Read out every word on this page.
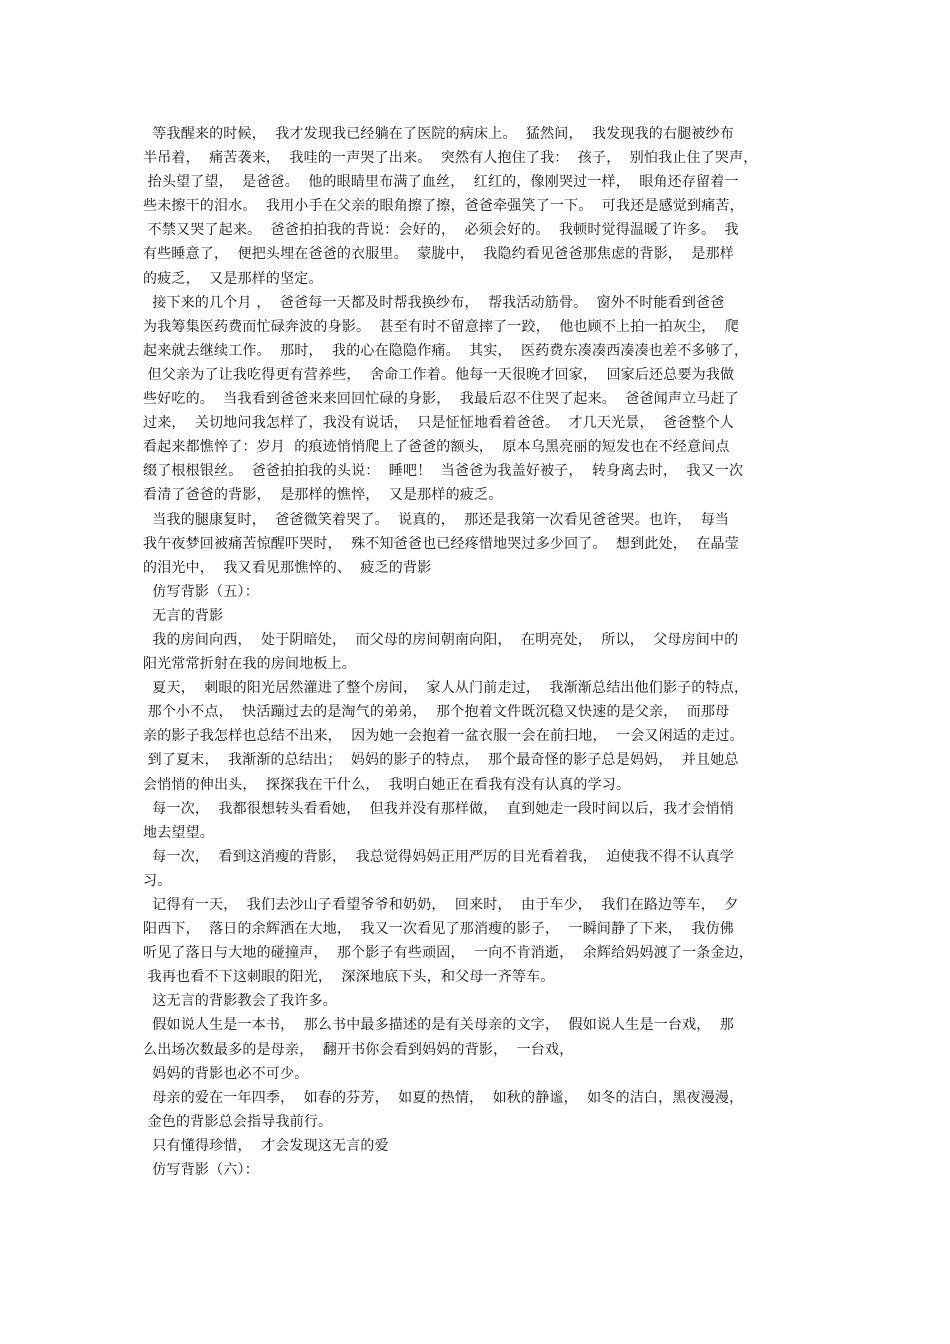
等我醒来的时候，  我才发现我已经躺在了医院的病床上。  猛然间，  我发现我的右腿被纱布
半吊着，  痛苦袭来，  我哇的一声哭了出来。  突然有人抱住了我：  孩子，  别怕我止住了哭声，
抬头望了望，  是爸爸。  他的眼睛里布满了血丝，  红红的，像刚哭过一样，  眼角还存留着一
些未擦干的泪水。  我用小手在父亲的眼角擦了擦，爸爸牵强笑了一下。  可我还是感觉到痛苦，
不禁又哭了起来。  爸爸拍拍我的背说：会好的，  必须会好的。  我顿时觉得温暖了许多。  我
有些睡意了，  便把头埋在爸爸的衣服里。  蒙胧中，  我隐约看见爸爸那焦虑的背影，  是那样
的疲乏，  又是那样的坚定。
接下来的几个月 ，  爸爸每一天都及时帮我换纱布，  帮我活动筋骨。  窗外不时能看到爸爸
为我筹集医药费而忙碌奔波的身影。  甚至有时不留意摔了一跤，  他也顾不上拍一拍灰尘，  爬
起来就去继续工作。  那时，  我的心在隐隐作痛。  其实，  医药费东凑凑西凑凑也差不多够了，
但父亲为了让我吃得更有营养些，  舍命工作着。他每一天很晚才回家，  回家后还总要为我做
些好吃的。  当我看到爸爸来来回回忙碌的身影，  我最后忍不住哭了起来。  爸爸闻声立马赶了
过来，  关切地问我怎样了，我没有说话，  只是怔怔地看着爸爸。  才几天光景，  爸爸整个人
看起来都憔悴了：岁月  的痕迹悄悄爬上了爸爸的额头，  原本乌黑亮丽的短发也在不经意间点
缀了根根银丝。  爸爸拍拍我的头说：  睡吧！  当爸爸为我盖好被子，  转身离去时，  我又一次
看清了爸爸的背影，  是那样的憔悴，  又是那样的疲乏。
当我的腿康复时，  爸爸微笑着哭了。  说真的，  那还是我第一次看见爸爸哭。也许，  每当
我午夜梦回被痛苦惊醒吓哭时，  殊不知爸爸也已经疼惜地哭过多少回了。  想到此处，  在晶莹
的泪光中，  我又看见那憔悴的、  疲乏的背影
仿写背影（五）：
无言的背影
我的房间向西，  处于阴暗处，  而父母的房间朝南向阳，  在明亮处，  所以，  父母房间中的
阳光常常折射在我的房间地板上。
夏天，  刺眼的阳光居然灌进了整个房间，  家人从门前走过，  我渐渐总结出他们影子的特点，
那个小不点，  快活蹦过去的是淘气的弟弟，  那个抱着文件既沉稳又快速的是父亲，  而那母
亲的影子我怎样也总结不出来，  因为她一会抱着一盆衣服一会在前扫地，  一会又闲适的走过。
到了夏末，  我渐渐的总结出；  妈妈的影子的特点，  那个最奇怪的影子总是妈妈，  并且她总
会悄悄的伸出头，  探探我在干什么，  我明白她正在看我有没有认真的学习。
每一次，  我都很想转头看看她，  但我并没有那样做，  直到她走一段时间以后，我才会悄悄
地去望望。
每一次，  看到这消瘦的背影，  我总觉得妈妈正用严厉的目光看着我，  迫使我不得不认真学
习。
记得有一天，  我们去沙山子看望爷爷和奶奶，  回来时，  由于车少，  我们在路边等车，  夕
阳西下，  落日的余辉洒在大地，  我又一次看见了那消瘦的影子，  一瞬间静了下来，  我仿佛
听见了落日与大地的碰撞声，  那个影子有些顽固，  一向不肯消逝，  余辉给妈妈渡了一条金边，
我再也看不下这刺眼的阳光，  深深地底下头，和父母一齐等车。
这无言的背影教会了我许多。
假如说人生是一本书，  那么书中最多描述的是有关母亲的文字，  假如说人生是一台戏，  那
么出场次数最多的是母亲，  翻开书你会看到妈妈的背影，  一台戏，
妈妈的背影也必不可少。
母亲的爱在一年四季，  如春的芬芳，  如夏的热情，  如秋的静谧，  如冬的洁白，黑夜漫漫，
金色的背影总会指导我前行。
只有懂得珍惜，  才会发现这无言的爱
仿写背影（六）：
